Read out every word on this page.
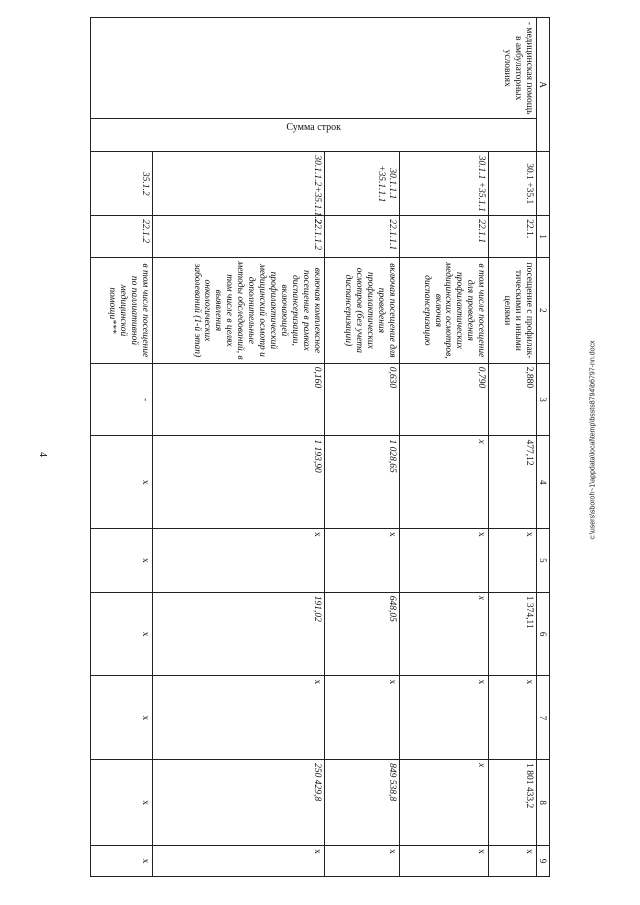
4	c:\users\sboroh~1\appdata\local\temp\bssts8794\b6797-nn.docx
A			1	2	3	4	5	6	7	8	9
- медицинская помощь в амбулаторных условиях	Сумма строк	30.1 +35.1	22.1.	посещение с профилак-тическими и иными целями	2,880	477,12	x	1 374,11	x	1 801 433,2	x
		30.1.1 +35.1.1	22.1.1	в том числе посещение для проведения профилактических медицинских осмотров, включая диспансеризацию	0,790	x	x	x	x	x	x
		30.1.1.1 +35.1.1.1	22.1.1.1	включая посещение для проведения профилактических осмотров (без учета диспансеризации)	0,630	1 028,65	x	648,05	x	849 538,8	x
		30.1.1.2+35.1.1.2	22.1.1.2	включая комплексное посещение в рамках диспансеризации, включающей профилактический медицинский осмотр и дополнительные методы обследований, в том числе в целях выявления онкологических заболеваний (1-й этап)	0,160	1 193,90	x	191,02	x	250 429,8	x
		35.1.2	22.1.2	в том числе посещение по паллиативной медицинской помощи***	-	x	x	x	x	x	x
